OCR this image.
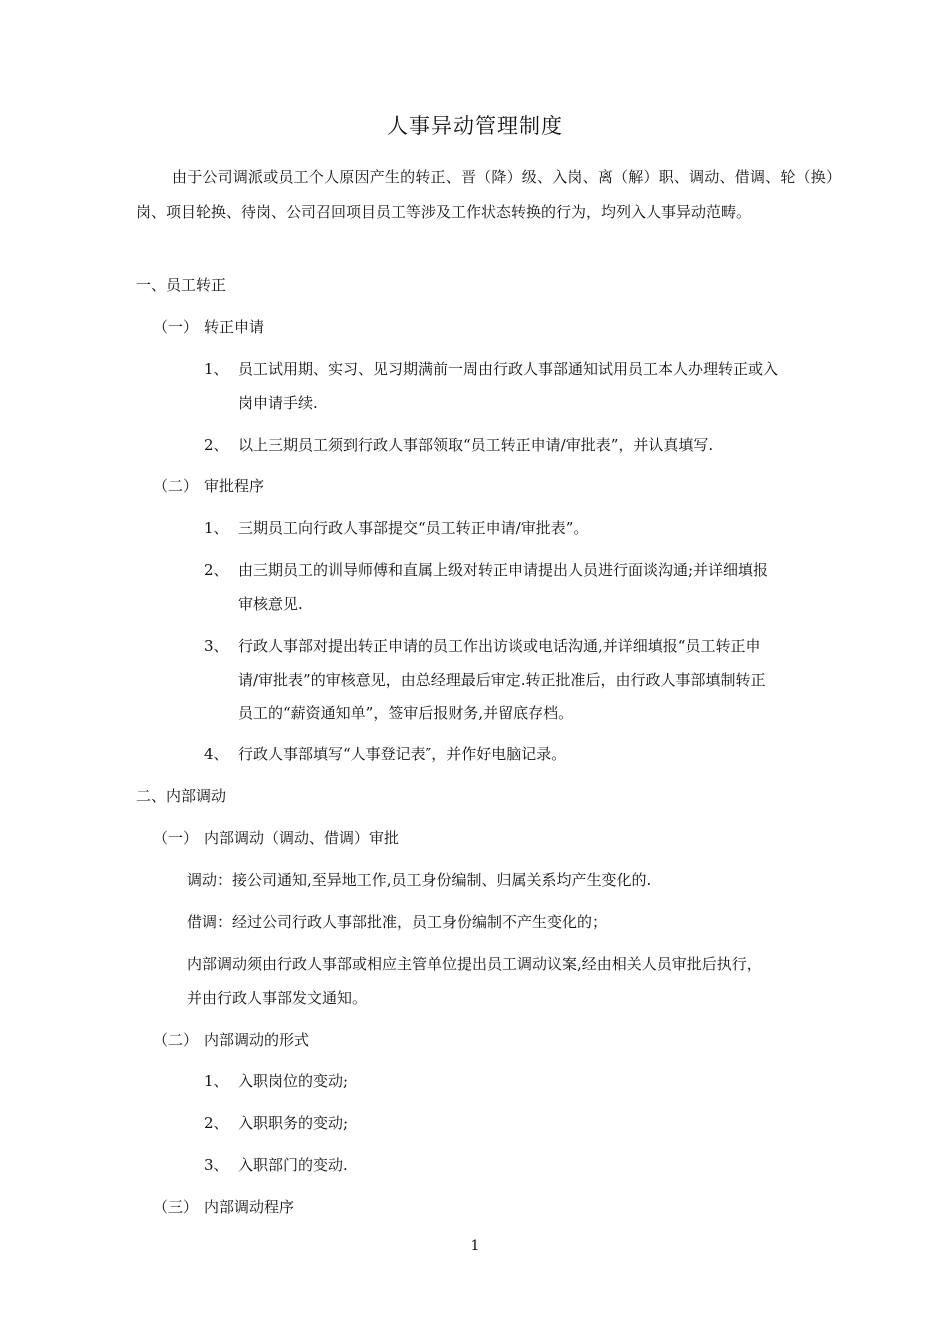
人事异动管理制度
由于公司调派或员工个人原因产生的转正、晋（降）级、入岗、离（解）职、调动、借调、轮（换）岗、项目轮换、待岗、公司召回项目员工等涉及工作状态转换的行为，均列入人事异动范畴。
一、员工转正
（一） 转正申请
1、 员工试用期、实习、见习期满前一周由行政人事部通知试用员工本人办理转正或入
岗申请手续.
2、 以上三期员工须到行政人事部领取“员工转正申请/审批表”，并认真填写.
（二） 审批程序
1、 三期员工向行政人事部提交“员工转正申请/审批表”。
2、 由三期员工的训导师傅和直属上级对转正申请提出人员进行面谈沟通;并详细填报
审核意见.
3、 行政人事部对提出转正申请的员工作出访谈或电话沟通,并详细填报“员工转正申
请/审批表”的审核意见，由总经理最后审定.转正批准后，由行政人事部填制转正
员工的“薪资通知单”，签审后报财务,并留底存档。
4、 行政人事部填写“人事登记表″，并作好电脑记录。
二、内部调动
（一） 内部调动（调动、借调）审批
调动：接公司通知,至异地工作,员工身份编制、归属关系均产生变化的.
借调：经过公司行政人事部批准，员工身份编制不产生变化的；
内部调动须由行政人事部或相应主管单位提出员工调动议案,经由相关人员审批后执行，
并由行政人事部发文通知。
（二） 内部调动的形式
1、 入职岗位的变动;
2、 入职职务的变动;
3、 入职部门的变动.
（三） 内部调动程序
1
